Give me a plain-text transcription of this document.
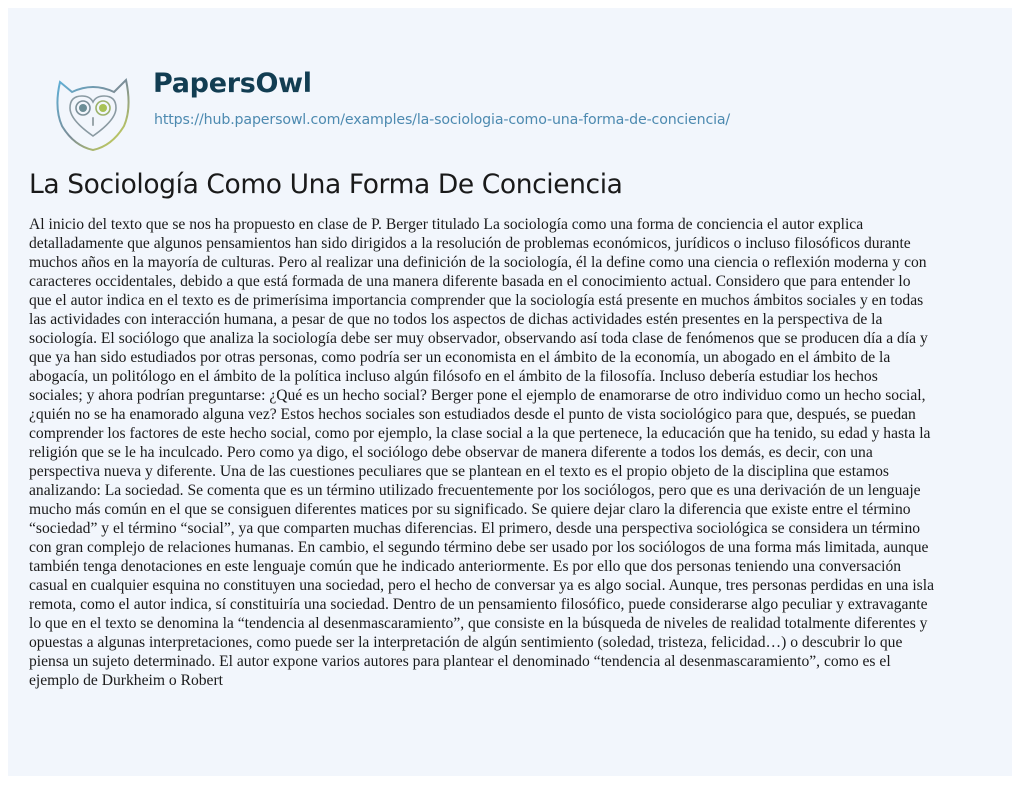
PapersOwl
https://hub.papersowl.com/examples/la-sociologia-como-una-forma-de-conciencia/
La Sociología Como Una Forma De Conciencia
Al inicio del texto que se nos ha propuesto en clase de P. Berger titulado La sociología como una forma de conciencia el autor explica
detalladamente que algunos pensamientos han sido dirigidos a la resolución de problemas económicos, jurídicos o incluso filosóficos durante
muchos años en la mayoría de culturas. Pero al realizar una definición de la sociología, él la define como una ciencia o reflexión moderna y con
caracteres occidentales, debido a que está formada de una manera diferente basada en el conocimiento actual. Considero que para entender lo
que el autor indica en el texto es de primerísima importancia comprender que la sociología está presente en muchos ámbitos sociales y en todas
las actividades con interacción humana, a pesar de que no todos los aspectos de dichas actividades estén presentes en la perspectiva de la
sociología. El sociólogo que analiza la sociología debe ser muy observador, observando así toda clase de fenómenos que se producen día a día y
que ya han sido estudiados por otras personas, como podría ser un economista en el ámbito de la economía, un abogado en el ámbito de la
abogacía, un politólogo en el ámbito de la política incluso algún filósofo en el ámbito de la filosofía. Incluso debería estudiar los hechos
sociales; y ahora podrían preguntarse: ¿Qué es un hecho social? Berger pone el ejemplo de enamorarse de otro individuo como un hecho social,
¿quién no se ha enamorado alguna vez? Estos hechos sociales son estudiados desde el punto de vista sociológico para que, después, se puedan
comprender los factores de este hecho social, como por ejemplo, la clase social a la que pertenece, la educación que ha tenido, su edad y hasta la
religión que se le ha inculcado. Pero como ya digo, el sociólogo debe observar de manera diferente a todos los demás, es decir, con una
perspectiva nueva y diferente. Una de las cuestiones peculiares que se plantean en el texto es el propio objeto de la disciplina que estamos
analizando: La sociedad. Se comenta que es un término utilizado frecuentemente por los sociólogos, pero que es una derivación de un lenguaje
mucho más común en el que se consiguen diferentes matices por su significado. Se quiere dejar claro la diferencia que existe entre el término
“sociedad” y el término “social”, ya que comparten muchas diferencias. El primero, desde una perspectiva sociológica se considera un término
con gran complejo de relaciones humanas. En cambio, el segundo término debe ser usado por los sociólogos de una forma más limitada, aunque
también tenga denotaciones en este lenguaje común que he indicado anteriormente. Es por ello que dos personas teniendo una conversación
casual en cualquier esquina no constituyen una sociedad, pero el hecho de conversar ya es algo social. Aunque, tres personas perdidas en una isla
remota, como el autor indica, sí constituiría una sociedad. Dentro de un pensamiento filosófico, puede considerarse algo peculiar y extravagante
lo que en el texto se denomina la “tendencia al desenmascaramiento”, que consiste en la búsqueda de niveles de realidad totalmente diferentes y
opuestas a algunas interpretaciones, como puede ser la interpretación de algún sentimiento (soledad, tristeza, felicidad…) o descubrir lo que
piensa un sujeto determinado. El autor expone varios autores para plantear el denominado “tendencia al desenmascaramiento”, como es el
ejemplo de Durkheim o Robert
